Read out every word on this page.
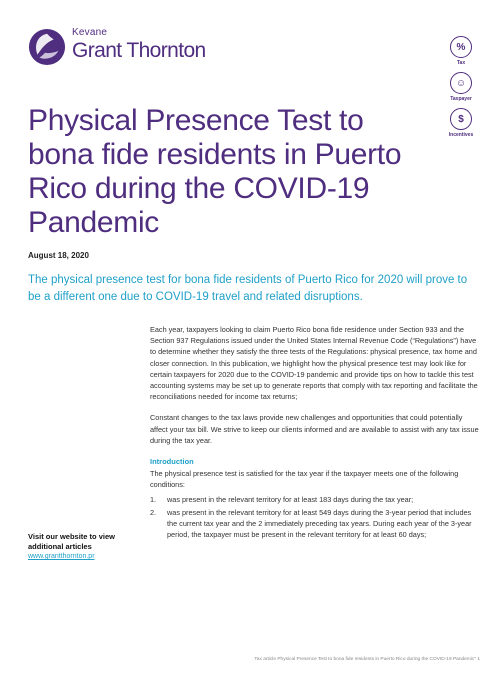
Kevane
Grant Thornton	%
Tax
☺
Taxpayer
$
Incentives
Physical Presence Test to bona fide residents in Puerto Rico during the COVID-19 Pandemic
August 18, 2020
The physical presence test for bona fide residents of Puerto Rico for 2020 will prove to be a different one due to COVID-19 travel and related disruptions.

Each year, taxpayers looking to claim Puerto Rico bona fide residence under Section 933 and the Section 937 Regulations issued under the United States Internal Revenue Code (“Regulations”) have to determine whether they satisfy the three tests of the Regulations: physical presence, tax home and closer connection. In this publication, we highlight how the physical presence test may look like for certain taxpayers for 2020 due to the COVID-19 pandemic and provide tips on how to tackle this test accounting systems may be set up to generate reports that comply with tax reporting and facilitate the reconciliations needed for income tax returns;

Constant changes to the tax laws provide new challenges and opportunities that could potentially affect your tax bill. We strive to keep our clients informed and are available to assist with any tax issue during the tax year.

Introduction

The physical presence test is satisfied for the tax year if the taxpayer meets one of the following conditions:

1. was present in the relevant territory for at least 183 days during the tax year;
2. was present in the relevant territory for at least 549 days during the 3-year period that includes the current tax year and the 2 immediately preceding tax years. During each year of the 3-year period, the taxpayer must be present in the relevant territory for at least 60 days;
Visit our website to view additional articles
www.grantthornton.pr
Tax article Physical Presence Test to bona fide residents in Puerto Rico during the COVID-19 Pandemic" 1
